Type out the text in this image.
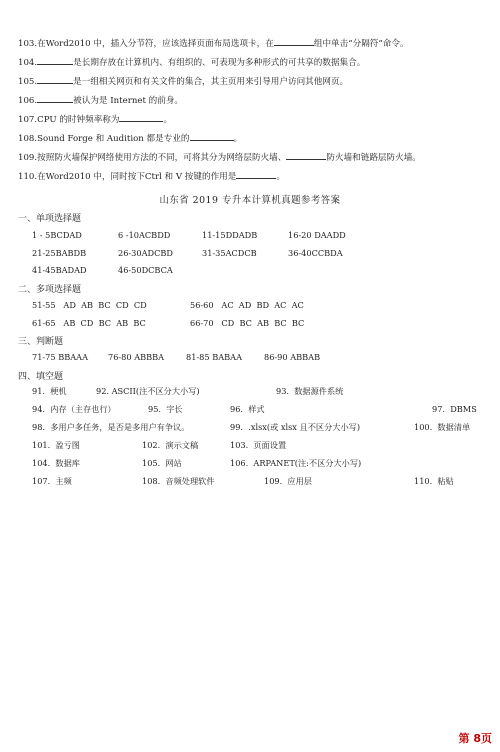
103.在Word2010 中，插入分节符，应该选择页面布局选项卡，在	组中单击“分隔符”命令。
104.	是长期存放在计算机内、有组织的、可表现为多种形式的可共享的数据集合。
105.	是一组相关网页和有关文件的集合，其主页用来引导用户访问其他网页。
106.	被认为是 Internet 的前身。
107.CPU 的时钟频率称为	。
108.Sound Forge 和 Audition 都是专业的	。
109.按照防火墙保护网络使用方法的不同，可将其分为网络层防火墙、	防火墙和链路层防火墙。
110.在Word2010 中，同时按下Ctrl 和 V 按键的作用是	。
山东省 2019 专升本计算机真题参考答案
一、单项选择题
1 - 5BCDAD	6 -10ACBDD	11-15DDADB	16-20 DAADD
21-25BABDB	26-30ADCBD	31-35ACDCB	36-40CCBDA
41-45BADAD	46-50DCBCA
二、多项选择题
51-55   AD  AB  BC  CD  CD	56-60   AC  AD  BD  AC  AC
61-65   AB  CD  BC  AB  BC	66-70   CD  BC  AB  BC  BC
三、判断题
71-75 BBAAA 76-80 ABBBA	81-85 BABAA	86-90 ABBAB
四、填空题
91.  梗机	92. ASCII(注不区分大小写)	93.  数据源件系统
94.  内存（主存也行）	95.  字长	96.  样式	97.  DBMS
98.  多用户多任务，是否是多用户有争议。	99.  .xlsx(或 xlsx 且不区分大小写)	100.  数据清单
101.  盈亏图	102.  演示文稿	103.  页面设置
104.  数据库	105.  网站	106.  ARPANET(注:不区分大小写)
107.  主频	108.  音频处理软件	109.  应用层	110.  粘贴
第 8页
